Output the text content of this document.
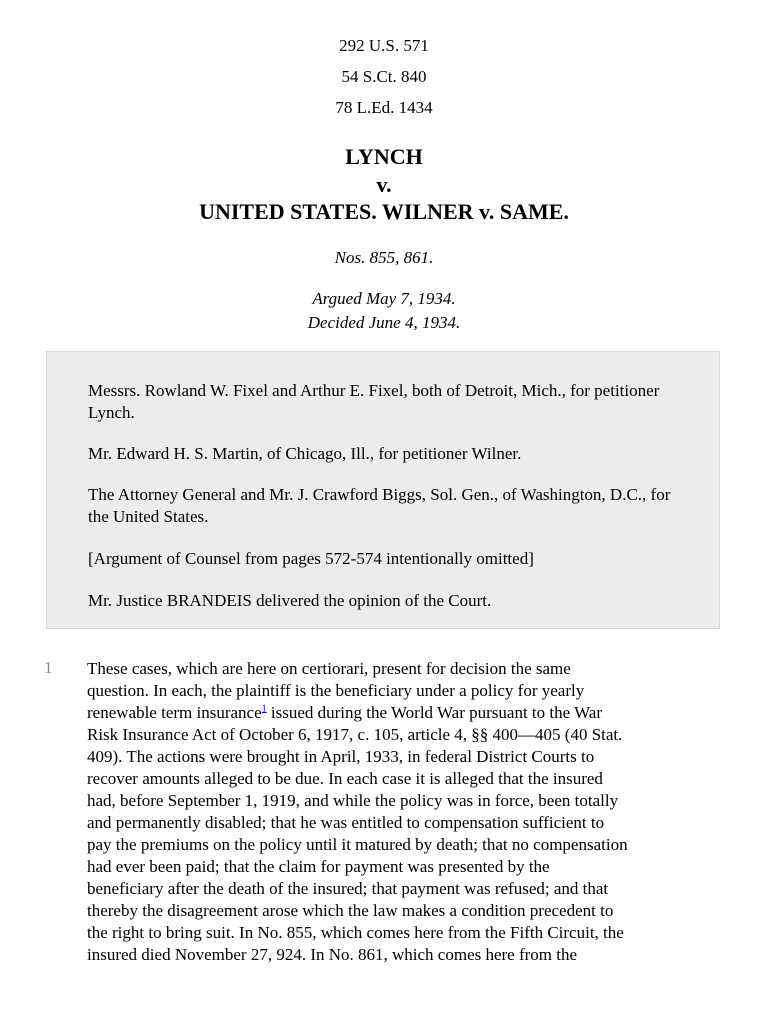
292 U.S. 571
54 S.Ct. 840
78 L.Ed. 1434
LYNCH
v.
UNITED STATES. WILNER v. SAME.
Nos. 855, 861.
Argued May 7, 1934.
Decided June 4, 1934.

Messrs. Rowland W. Fixel and Arthur E. Fixel, both of Detroit, Mich., for petitioner Lynch.

Mr. Edward H. S. Martin, of Chicago, Ill., for petitioner Wilner.

The Attorney General and Mr. J. Crawford Biggs, Sol. Gen., of Washington, D.C., for the United States.

[Argument of Counsel from pages 572-574 intentionally omitted]

Mr. Justice BRANDEIS delivered the opinion of the Court.

1 These cases, which are here on certiorari, present for decision the same
question. In each, the plaintiff is the beneficiary under a policy for yearly
renewable term insurance$^1$ issued during the World War pursuant to the War
Risk Insurance Act of October 6, 1917, c. 105, article 4, §§ 400—405 (40 Stat.
409). The actions were brought in April, 1933, in federal District Courts to
recover amounts alleged to be due. In each case it is alleged that the insured
had, before September 1, 1919, and while the policy was in force, been totally
and permanently disabled; that he was entitled to compensation sufficient to
pay the premiums on the policy until it matured by death; that no compensation
had ever been paid; that the claim for payment was presented by the
beneficiary after the death of the insured; that payment was refused; and that
thereby the disagreement arose which the law makes a condition precedent to
the right to bring suit. In No. 855, which comes here from the Fifth Circuit, the
insured died November 27, 924. In No. 861, which comes here from the
